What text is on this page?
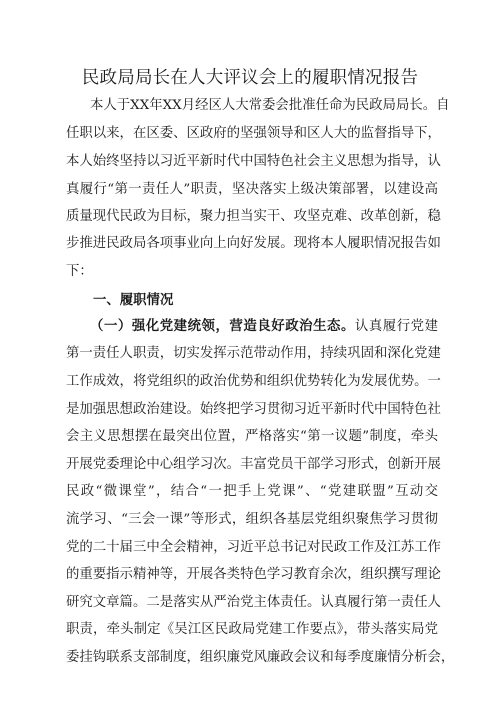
民政局局长在人大评议会上的履职情况报告
本人于XX年XX月经区人大常委会批准任命为民政局局长。自
任职以来，在区委、区政府的坚强领导和区人大的监督指导下，
本人始终坚持以习近平新时代中国特色社会主义思想为指导，认
真履行“第一责任人”职责，坚决落实上级决策部署，以建设高
质量现代民政为目标，聚力担当实干、攻坚克难、改革创新，稳
步推进民政局各项事业向上向好发展。现将本人履职情况报告如
下：
一、履职情况
（一）强化党建统领，营造良好政治生态。认真履行党建
第一责任人职责，切实发挥示范带动作用，持续巩固和深化党建
工作成效，将党组织的政治优势和组织优势转化为发展优势。一
是加强思想政治建设。始终把学习贯彻习近平新时代中国特色社
会主义思想摆在最突出位置，严格落实“第一议题”制度，牵头
开展党委理论中心组学习次。丰富党员干部学习形式，创新开展
民政“微课堂”，结合“一把手上党课”、“党建联盟”互动交
流学习、“三会一课”等形式，组织各基层党组织聚焦学习贯彻
党的二十届三中全会精神，习近平总书记对民政工作及江苏工作
的重要指示精神等，开展各类特色学习教育余次，组织撰写理论
研究文章篇。二是落实从严治党主体责任。认真履行第一责任人
职责，牵头制定《吴江区民政局党建工作要点》，带头落实局党
委挂钩联系支部制度，组织廉党风廉政会议和每季度廉情分析会，
